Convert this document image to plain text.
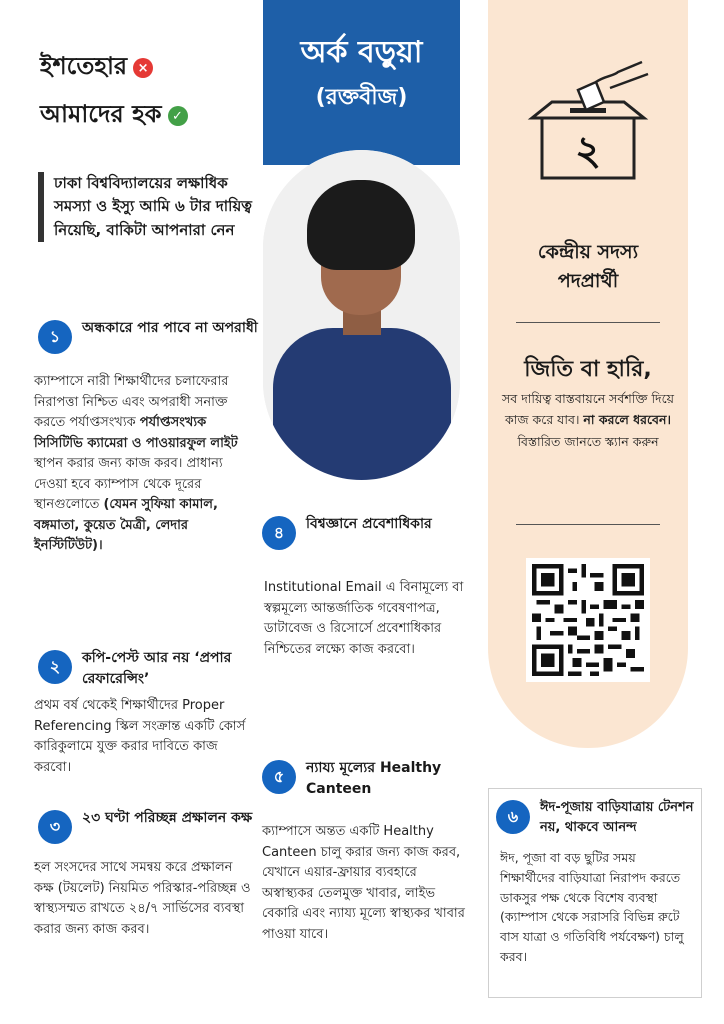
ইশতেহার ×
আমাদের হক ✓
ঢাকা বিশ্ববিদ্যালয়ের লক্ষাধিক সমস্যা ও ইস্যু আমি ৬ টার দায়িত্ব নিয়েছি, বাকিটা আপনারা নেন
১	অন্ধকারে পার পাবে না অপরাধী
ক্যাম্পাসে নারী শিক্ষার্থীদের চলাফেরার নিরাপত্তা নিশ্চিত এবং অপরাধী সনাক্ত করতে পর্যাপ্তসংখ্যক পর্যাপ্তসংখ্যক সিসিটিভি ক্যামেরা ও পাওয়ারফুল লাইট স্থাপন করার জন্য কাজ করব। প্রাধান্য দেওয়া হবে ক্যাম্পাস থেকে দূরের স্থানগুলোতে (যেমন সুফিয়া কামাল, বঙ্গমাতা, কুয়েত মৈত্রী, লেদার ইনস্টিটিউট)।
২	কপি-পেস্ট আর নয় ‘প্রপার রেফারেন্সিং’
প্রথম বর্ষ থেকেই শিক্ষার্থীদের Proper Referencing স্কিল সংক্রান্ত একটি কোর্স কারিকুলামে যুক্ত করার দাবিতে কাজ করবো।
৩	২৩ ঘণ্টা পরিচ্ছন্ন প্রক্ষালন কক্ষ
হল সংসদের সাথে সমন্বয় করে প্রক্ষালন কক্ষ (টয়লেট) নিয়মিত পরিস্কার-পরিচ্ছন্ন ও স্বাস্থ্যসম্মত রাখতে ২৪/৭ সার্ভিসের ব্যবস্থা করার জন্য কাজ করব।
অর্ক বড়ুয়া
(রক্তবীজ)
৪	বিশ্বজ্ঞানে প্রবেশাধিকার
Institutional Email এ বিনামূল্যে বা স্বল্পমূল্যে আন্তর্জাতিক গবেষণাপত্র, ডাটাবেজ ও রিসোর্সে প্রবেশাধিকার নিশ্চিতের লক্ষ্যে কাজ করবো।
৫	ন্যায্য মূল্যের Healthy Canteen
ক্যাম্পাসে অন্তত একটি Healthy Canteen চালু করার জন্য কাজ করব, যেখানে এয়ার-ফ্রায়ার ব্যবহারে অস্বাস্থ্যকর তেলমুক্ত খাবার, লাইভ বেকারি এবং ন্যায্য মূল্যে স্বাস্থ্যকর খাবার পাওয়া যাবে।
২
কেন্দ্রীয় সদস্য
পদপ্রার্থী
জিতি বা হারি,
সব দায়িত্ব বাস্তবায়নে সর্বশক্তি দিয়ে কাজ করে যাব। না করলে ধরবেন। বিস্তারিত জানতে স্ক্যান করুন
৬	ঈদ-পূজায় বাড়িযাত্রায় টেনশন নয়, থাকবে আনন্দ
ঈদ, পূজা বা বড় ছুটির সময় শিক্ষার্থীদের বাড়িযাত্রা নিরাপদ করতে ডাকসুর পক্ষ থেকে বিশেষ ব্যবস্থা (ক্যাম্পাস থেকে সরাসরি বিভিন্ন রুটে বাস যাত্রা ও গতিবিধি পর্যবেক্ষণ) চালু করব।
